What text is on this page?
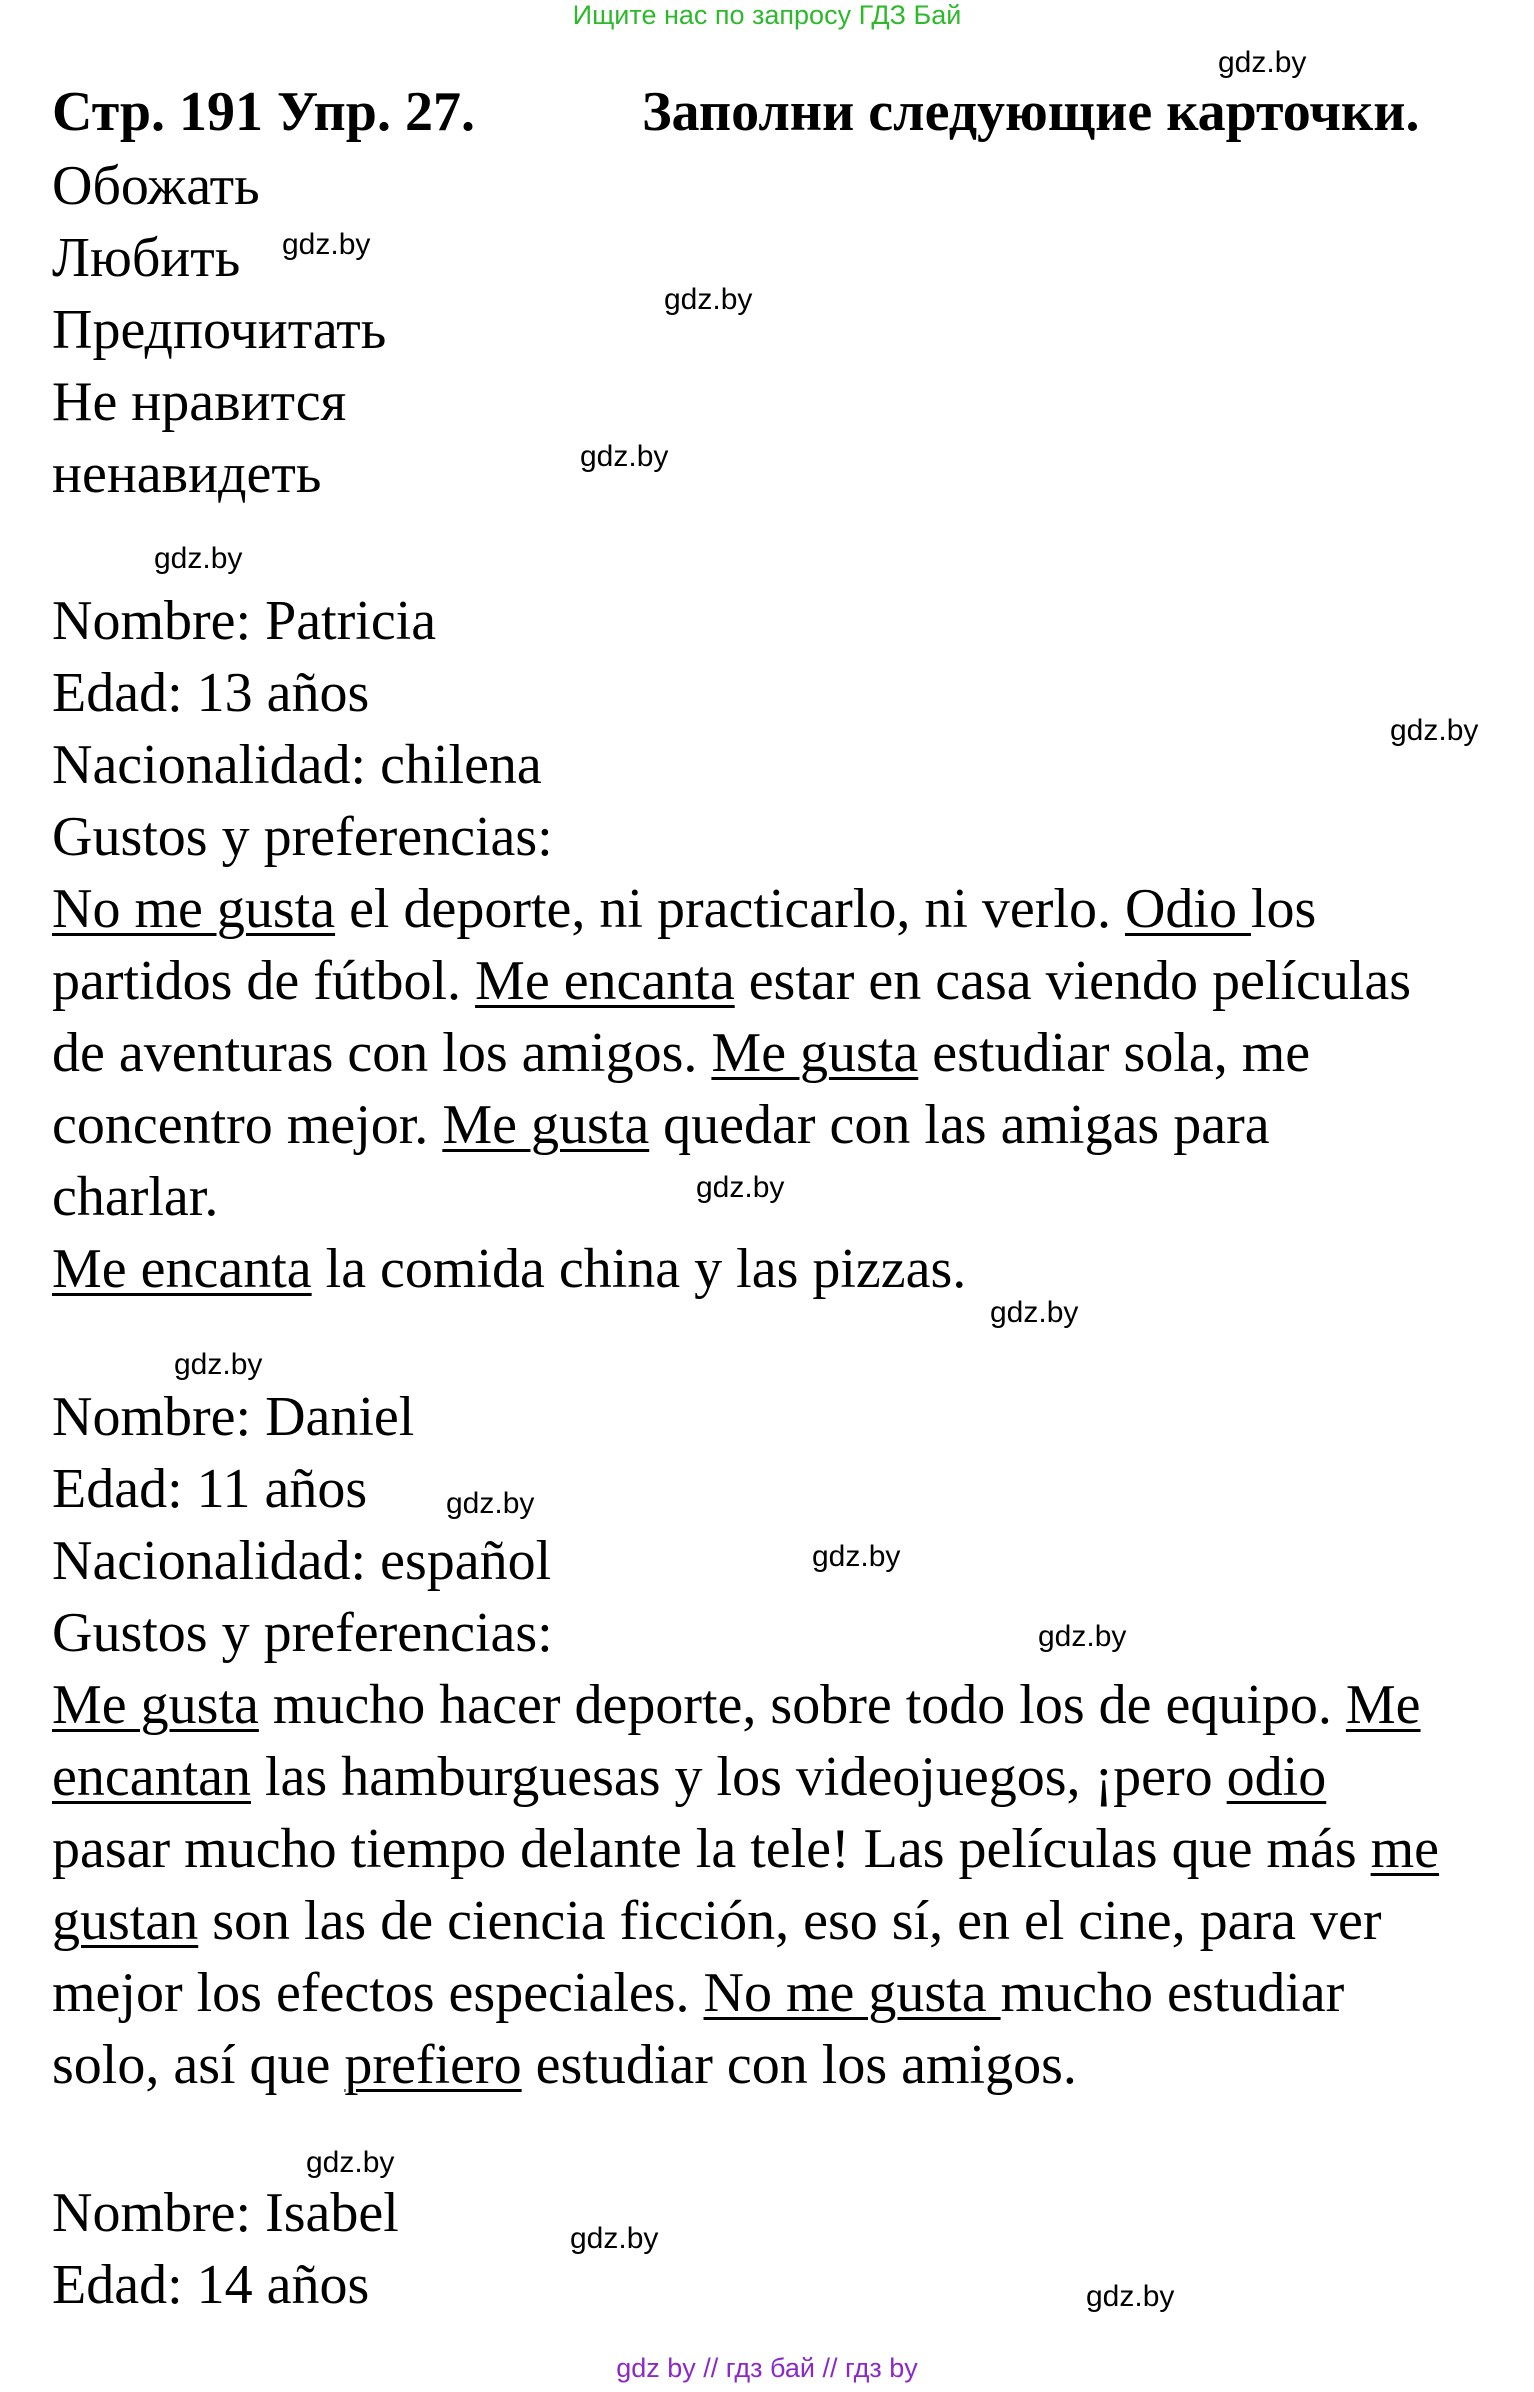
Ищите нас по запросу ГДЗ Бай
gdz.by
gdz.by
gdz.by
gdz.by
gdz.by
gdz.by
gdz.by
gdz.by
gdz.by
gdz.by
gdz.by
gdz.by
gdz.by
gdz.by
gdz.by
Стр. 191 Упр. 27.	Заполни следующие карточки.
Обожать
Любить
Предпочитать
Не нравится
ненавидеть
Nombre: Patricia
Edad: 13 años
Nacionalidad: chilena
Gustos y preferencias:
No me gusta el deporte, ni practicarlo, ni verlo. Odio los
partidos de fútbol. Me encanta estar en casa viendo películas
de aventuras con los amigos. Me gusta estudiar sola, me
concentro mejor. Me gusta quedar con las amigas para
charlar.
Me encanta la comida china y las pizzas.
Nombre: Daniel
Edad: 11 años
Nacionalidad: español
Gustos y preferencias:
Me gusta mucho hacer deporte, sobre todo los de equipo. Me
encantan las hamburguesas y los videojuegos, ¡pero odio
pasar mucho tiempo delante la tele! Las películas que más me
gustan son las de ciencia ficción, eso sí, en el cine, para ver
mejor los efectos especiales. No me gusta mucho estudiar
solo, así que prefiero estudiar con los amigos.
Nombre: Isabel
Edad: 14 años
gdz by // гдз бай // гдз by
